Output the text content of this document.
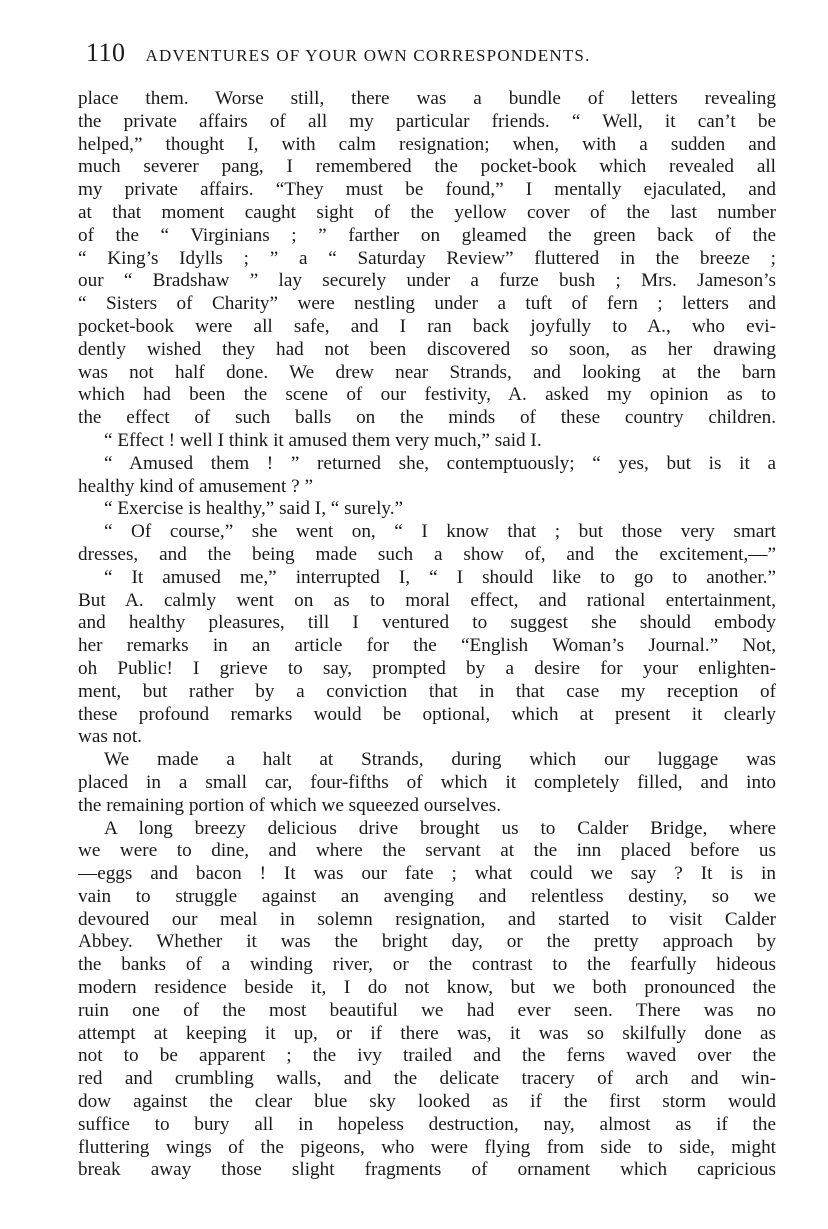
110 ADVENTURES OF YOUR OWN CORRESPONDENTS.
place them. Worse still, there was a bundle of letters revealing
the private affairs of all my particular friends. “ Well, it can’t be
helped,” thought I, with calm resignation; when, with a sudden and
much severer pang, I remembered the pocket-book which revealed all
my private affairs. “They must be found,” I mentally ejaculated, and
at that moment caught sight of the yellow cover of the last number
of the “ Virginians ; ” farther on gleamed the green back of the
“ King’s Idylls ; ” a “ Saturday Review” fluttered in the breeze ;
our “ Bradshaw ” lay securely under a furze bush ; Mrs. Jameson’s
“ Sisters of Charity” were nestling under a tuft of fern ; letters and
pocket-book were all safe, and I ran back joyfully to A., who evi-
dently wished they had not been discovered so soon, as her drawing
was not half done. We drew near Strands, and looking at the barn
which had been the scene of our festivity, A. asked my opinion as to
the effect of such balls on the minds of these country children.
“ Effect ! well I think it amused them very much,” said I.
“ Amused them ! ” returned she, contemptuously; “ yes, but is it a
healthy kind of amusement ? ”
“ Exercise is healthy,” said I, “ surely.”
“ Of course,” she went on, “ I know that ; but those very smart
dresses, and the being made such a show of, and the excitement,—”
“ It amused me,” interrupted I, “ I should like to go to another.”
But A. calmly went on as to moral effect, and rational entertainment,
and healthy pleasures, till I ventured to suggest she should embody
her remarks in an article for the “English Woman’s Journal.” Not,
oh Public! I grieve to say, prompted by a desire for your enlighten-
ment, but rather by a conviction that in that case my reception of
these profound remarks would be optional, which at present it clearly
was not.
We made a halt at Strands, during which our luggage was
placed in a small car, four-fifths of which it completely filled, and into
the remaining portion of which we squeezed ourselves.
A long breezy delicious drive brought us to Calder Bridge, where
we were to dine, and where the servant at the inn placed before us
—eggs and bacon ! It was our fate ; what could we say ? It is in
vain to struggle against an avenging and relentless destiny, so we
devoured our meal in solemn resignation, and started to visit Calder
Abbey. Whether it was the bright day, or the pretty approach by
the banks of a winding river, or the contrast to the fearfully hideous
modern residence beside it, I do not know, but we both pronounced the
ruin one of the most beautiful we had ever seen. There was no
attempt at keeping it up, or if there was, it was so skilfully done as
not to be apparent ; the ivy trailed and the ferns waved over the
red and crumbling walls, and the delicate tracery of arch and win-
dow against the clear blue sky looked as if the first storm would
suffice to bury all in hopeless destruction, nay, almost as if the
fluttering wings of the pigeons, who were flying from side to side, might
break away those slight fragments of ornament which capricious
